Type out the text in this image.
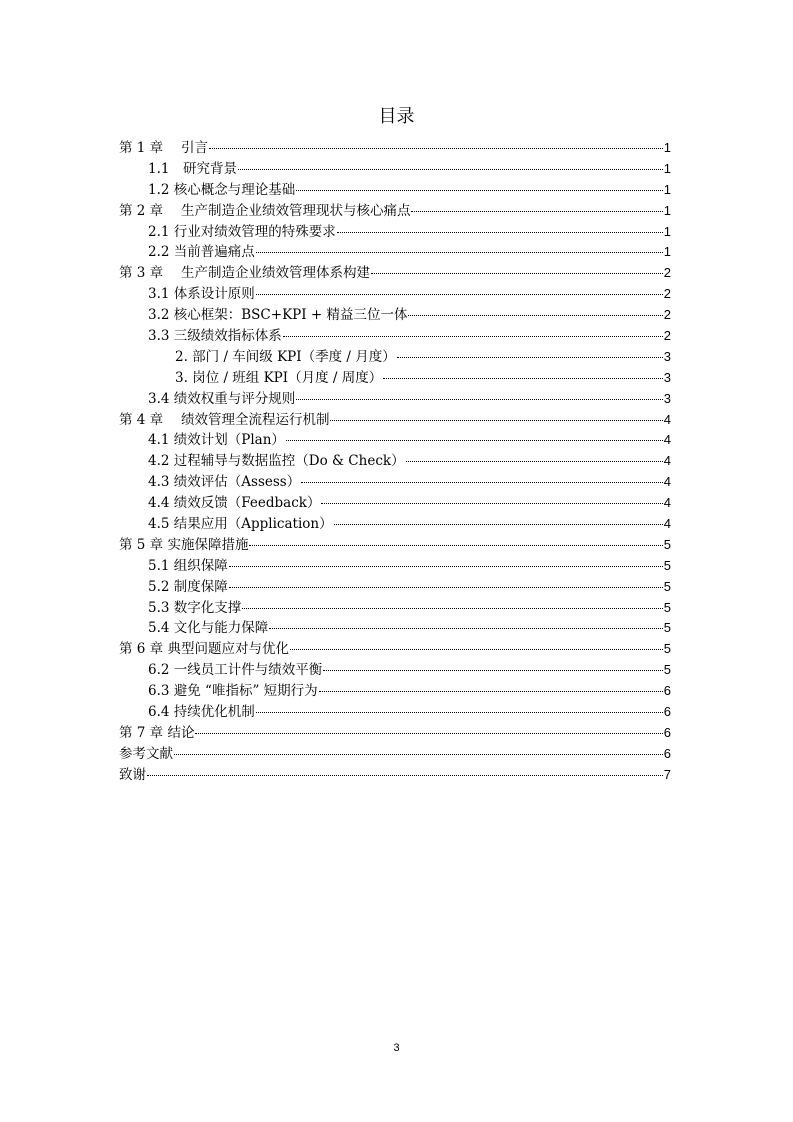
目录
第 1 章　 引言	1
1.1　研究背景	1
1.2 核心概念与理论基础	1
第 2 章　 生产制造企业绩效管理现状与核心痛点	1
2.1 行业对绩效管理的特殊要求	1
2.2 当前普遍痛点	1
第 3 章　 生产制造企业绩效管理体系构建	2
3.1 体系设计原则	2
3.2 核心框架：BSC+KPI + 精益三位一体	2
3.3 三级绩效指标体系	2
2. 部门 / 车间级 KPI（季度 / 月度）	3
3. 岗位 / 班组 KPI（月度 / 周度）	3
3.4 绩效权重与评分规则	3
第 4 章　 绩效管理全流程运行机制	4
4.1 绩效计划（Plan）	4
4.2 过程辅导与数据监控（Do & Check）	4
4.3 绩效评估（Assess）	4
4.4 绩效反馈（Feedback）	4
4.5 结果应用（Application）	4
第 5 章 实施保障措施	5
5.1 组织保障	5
5.2 制度保障	5
5.3 数字化支撑	5
5.4 文化与能力保障	5
第 6 章 典型问题应对与优化	5
6.2 一线员工计件与绩效平衡	5
6.3 避免 “唯指标” 短期行为	6
6.4 持续优化机制	6
第 7 章 结论	6
参考文献	6
致谢	7
3
